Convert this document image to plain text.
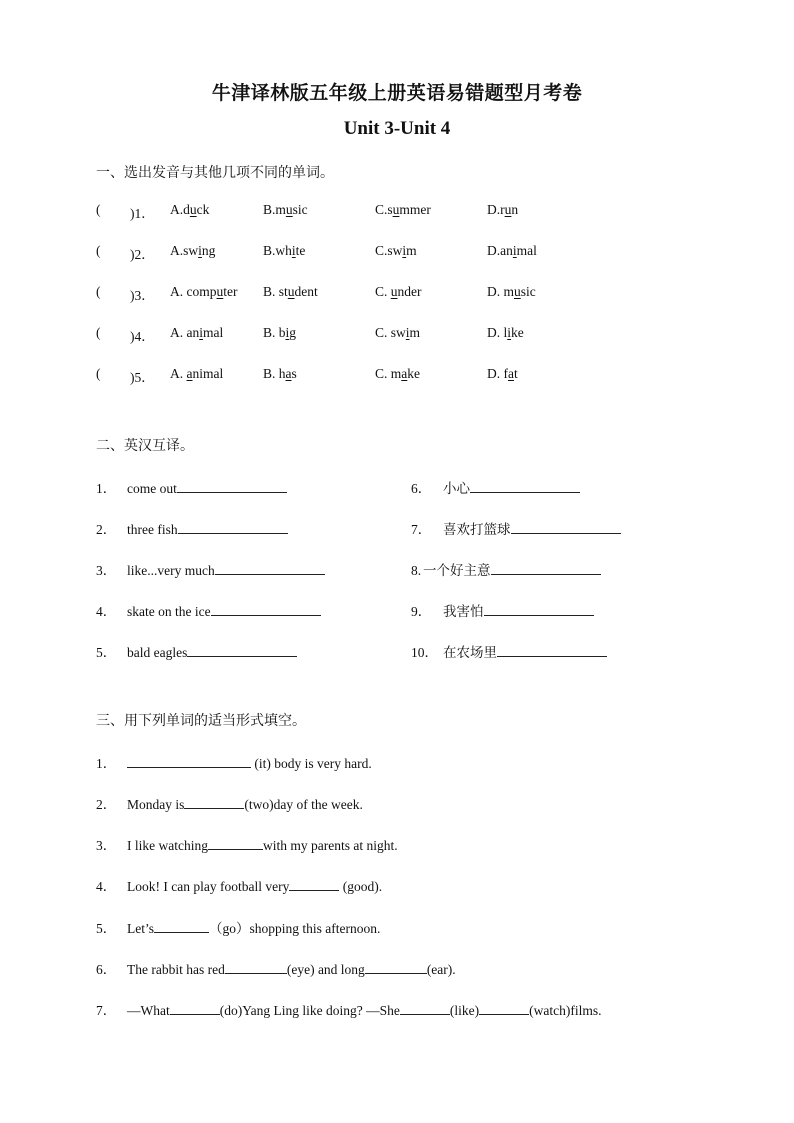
牛津译林版五年级上册英语易错题型月考卷
Unit 3-Unit 4
一、选出发音与其他几项不同的单词。
( )1． A.duck	B.music	C.summer	D.run
( )2． A.swing	B.white	C.swim	D.animal
( )3． A. computer B. student	C. under	D. music
( )4． A. animal	B. big	C. swim	D. like
( )5． A. animal	B. has	C. make	D. fat
二、英汉互译。
1． come out
2． three fish
3． like...very much
4． skate on the ice
5． bald eagles
6． 小心
7． 喜欢打篮球
8. 一个好主意
9． 我害怕
10． 在农场里
三、用下列单词的适当形式填空。
1．	(it) body is very hard.
2． Monday is	(two)day of the week.
3． I like watching	with my parents at night.
4． Look! I can play football very	(good).
5． Let’s	（go）shopping this afternoon.
6． The rabbit has red	(eye) and long	(ear).
7． —What	(do)Yang Ling like doing? —She	(like)	(watch)films.
